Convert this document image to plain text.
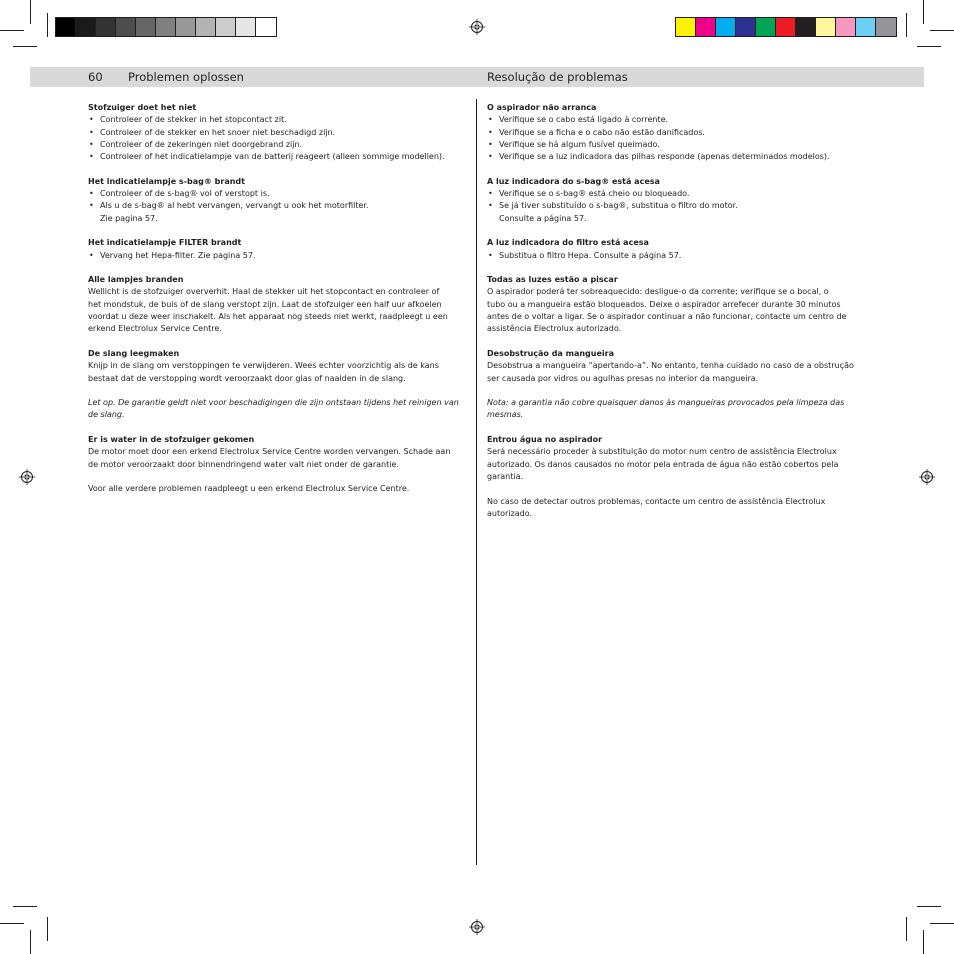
60 Problemen oplossen	Resolução de problemas
Stofzuiger doet het niet
• Controleer of de stekker in het stopcontact zit.
• Controleer of de stekker en het snoer niet beschadigd zijn.
• Controleer of de zekeringen niet doorgebrand zijn.
• Controleer of het indicatielampje van de batterij reageert (alleen sommige modellen).
Het indicatielampje s-bag® brandt
• Controleer of de s-bag® vol of verstopt is.
• Als u de s-bag® al hebt vervangen, vervangt u ook het motorfilter.
Zie pagina 57.
Het indicatielampje FILTER brandt
• Vervang het Hepa-filter. Zie pagina 57.
Alle lampjes branden
Wellicht is de stofzuiger oververhit. Haal de stekker uit het stopcontact en controleer of
het mondstuk, de buis of de slang verstopt zijn. Laat de stofzuiger een half uur afkoelen
voordat u deze weer inschakelt. Als het apparaat nog steeds niet werkt, raadpleegt u een
erkend Electrolux Service Centre.
De slang leegmaken
Knijp in de slang om verstoppingen te verwijderen. Wees echter voorzichtig als de kans
bestaat dat de verstopping wordt veroorzaakt door glas of naalden in de slang.
Let op. De garantie geldt niet voor beschadigingen die zijn ontstaan tijdens het reinigen van
de slang.
Er is water in de stofzuiger gekomen
De motor moet door een erkend Electrolux Service Centre worden vervangen. Schade aan
de motor veroorzaakt door binnendringend water valt niet onder de garantie.
Voor alle verdere problemen raadpleegt u een erkend Electrolux Service Centre.
O aspirador não arranca
• Verifique se o cabo está ligado à corrente.
• Verifique se a ficha e o cabo não estão danificados.
• Verifique se há algum fusível queimado.
• Verifique se a luz indicadora das pilhas responde (apenas determinados modelos).
A luz indicadora do s-bag® está acesa
• Verifique se o s-bag® está cheio ou bloqueado.
• Se já tiver substituído o s-bag®, substitua o filtro do motor.
Consulte a página 57.
A luz indicadora do filtro está acesa
• Substitua o filtro Hepa. Consulte a página 57.
Todas as luzes estão a piscar
O aspirador poderá ter sobreaquecido: desligue-o da corrente; verifique se o bocal, o
tubo ou a mangueira estão bloqueados. Deixe o aspirador arrefecer durante 30 minutos
antes de o voltar a ligar. Se o aspirador continuar a não funcionar, contacte um centro de
assistência Electrolux autorizado.
Desobstrução da mangueira
Desobstrua a mangueira “apertando-a”. No entanto, tenha cuidado no caso de a obstrução
ser causada por vidros ou agulhas presas no interior da mangueira.
Nota: a garantia não cobre quaisquer danos às mangueiras provocados pela limpeza das
mesmas.
Entrou água no aspirador
Será necessário proceder à substituição do motor num centro de assistência Electrolux
autorizado. Os danos causados no motor pela entrada de água não estão cobertos pela
garantia.
No caso de detectar outros problemas, contacte um centro de assistência Electrolux
autorizado.
